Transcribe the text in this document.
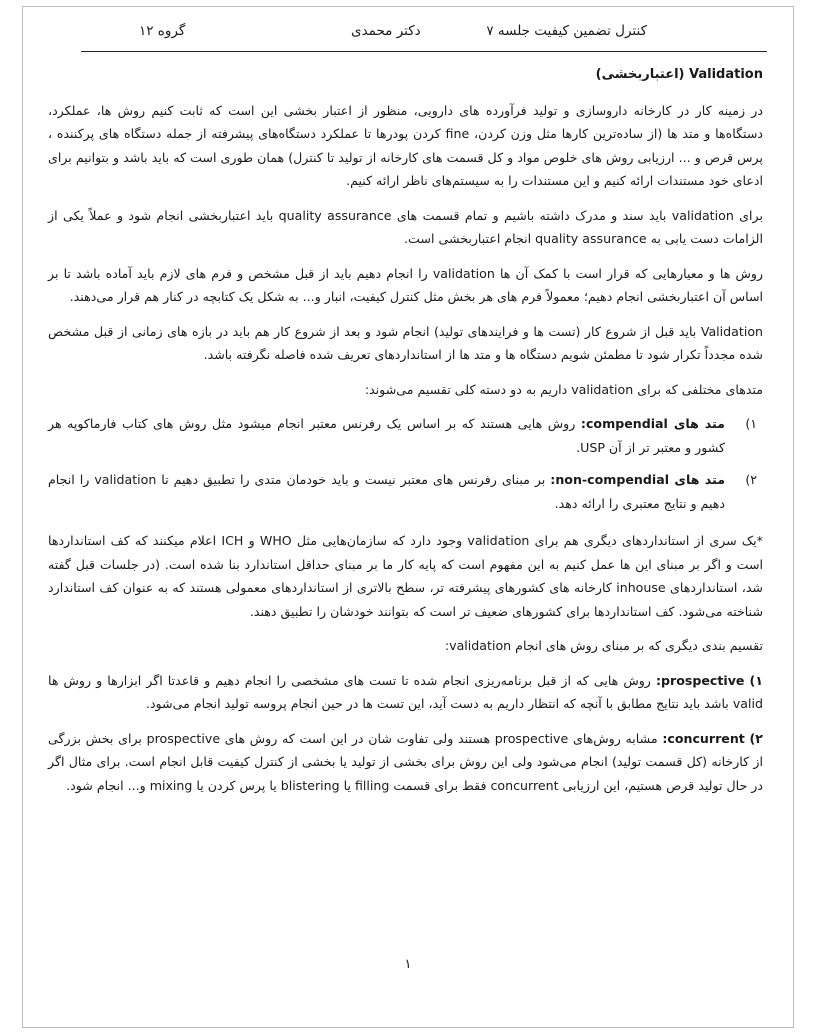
کنترل تضمین کیفیت جلسه ۷
دکتر محمدی
گروه ۱۲
Validation (اعتباربخشی)

در زمینه کار در کارخانه داروسازی و تولید فرآورده های دارویی، منظور از اعتبار بخشی این است که ثابت کنیم روش ها، عملکرد، دستگاه‌ها و متد ها (از ساده‌ترین کارها مثل وزن کردن، fine کردن پودرها تا عملکرد دستگاه‌های پیشرفته از جمله دستگاه های پرکننده ، پرس قرص و ... ارزیابی روش های خلوص مواد و کل قسمت های کارخانه از تولید تا کنترل) همان طوری است که باید باشد و بتوانیم برای ادعای خود مستندات ارائه کنیم و این مستندات را به سیستم‌های ناظر ارائه کنیم.

برای validation باید سند و مدرک داشته باشیم و تمام قسمت های quality assurance باید اعتباربخشی انجام شود و عملاً یکی از الزامات دست یابی به quality assurance انجام اعتباربخشی است.

روش ها و معیارهایی که قرار است با کمک آن ها validation را انجام دهیم باید از قبل مشخص و فرم های لازم باید آماده باشد تا بر اساس آن اعتباربخشی انجام دهیم؛ معمولاً فرم های هر بخش مثل کنترل کیفیت، انبار و... به شکل یک کتابچه در کنار هم قرار می‌دهند.

Validation باید قبل از شروع کار (تست ها و فرایندهای تولید) انجام شود و بعد از شروع کار هم باید در بازه های زمانی از قبل مشخص شده مجدداً تکرار شود تا مطمئن شویم دستگاه ها و متد ها از استانداردهای تعریف شده فاصله نگرفته باشد.

متدهای مختلفی که برای validation داریم به دو دسته کلی تقسیم می‌شوند:

۱)
متد های compendial: روش هایی هستند که بر اساس یک رفرنس معتبر انجام میشود مثل روش های کتاب فارماکوپه هر کشور و معتبر تر از آن USP.
۲)
متد های non-compendial: بر مبنای رفرنس های معتبر نیست و باید خودمان متدی را تطبیق دهیم تا validation را انجام دهیم و نتایج معتبری را ارائه دهد.

*یک سری از استانداردهای دیگری هم برای validation وجود دارد که سازمان‌هایی مثل WHO و ICH اعلام میکنند که کف استانداردها است و اگر بر مبنای این ها عمل کنیم به این مفهوم است که پایه کار ما بر مبنای حداقل استاندارد بنا شده است. (در جلسات قبل گفته شد، استانداردهای inhouse کارخانه های کشورهای پیشرفته تر، سطح بالاتری از استانداردهای معمولی هستند که به عنوان کف استاندارد شناخته می‌شود. کف استانداردها برای کشورهای ضعیف تر است که بتوانند خودشان را تطبیق دهند.

تقسیم بندی دیگری که بر مبنای روش های انجام validation:

۱) prospective: روش هایی که از قبل برنامه‌ریزی انجام شده تا تست های مشخصی را انجام دهیم و قاعدتا اگر ابزارها و روش ها valid باشد باید نتایج مطابق با آنچه که انتظار داریم به دست آید، این تست ها در حین انجام پروسه تولید انجام می‌شود.

۲) concurrent: مشابه روش‌های prospective هستند ولی تفاوت شان در این است که روش های prospective برای بخش بزرگی از کارخانه (کل قسمت تولید) انجام می‌شود ولی این روش برای بخشی از تولید یا بخشی از کنترل کیفیت قابل انجام است. برای مثال اگر در حال تولید قرص هستیم، این ارزیابی concurrent فقط برای قسمت filling یا blistering یا پرس کردن یا mixing و... انجام شود.

۱
